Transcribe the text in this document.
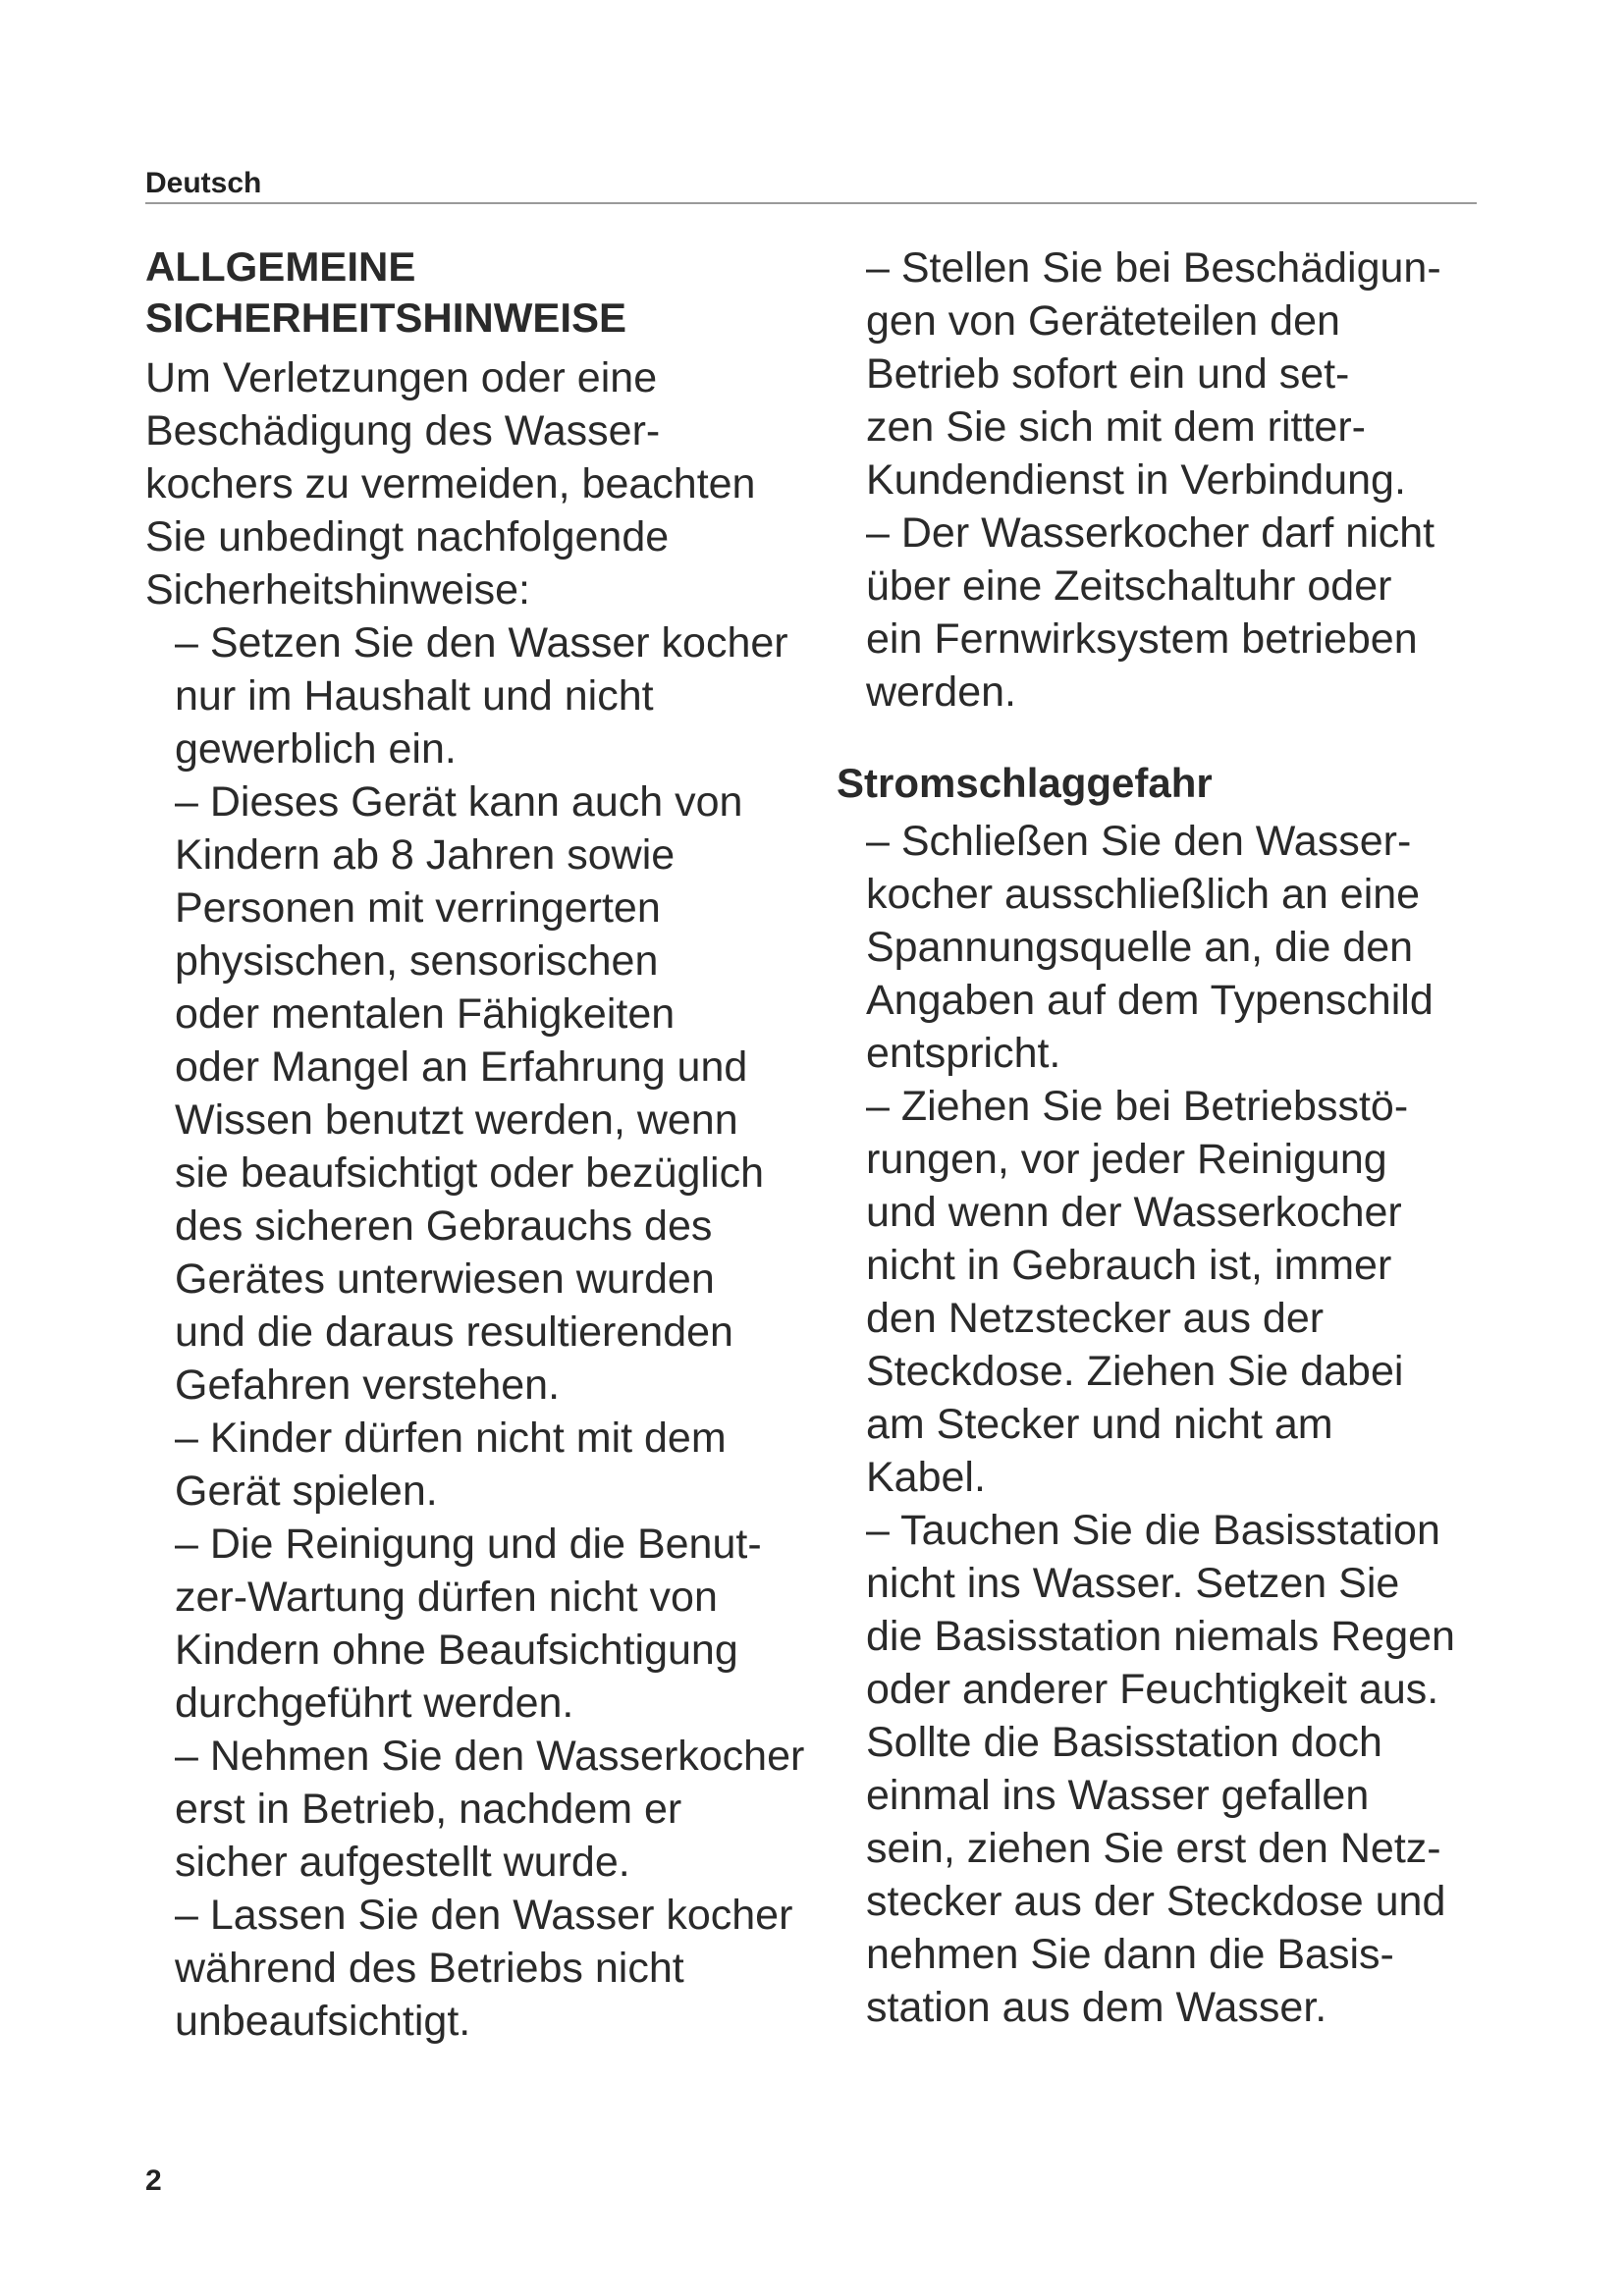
Deutsch
ALLGEMEINE
SICHERHEITSHINWEISE

Um Verletzungen oder eine
Beschädigung des Wasser-
kochers zu vermeiden, beachten
Sie unbedingt nachfolgende
Sicherheitshinweise:

– Setzen Sie den Wasser kocher
nur im Haushalt und nicht
gewerblich ein.

– Dieses Gerät kann auch von
Kindern ab 8 Jahren sowie
Personen mit verringerten
physischen, sensorischen
oder mentalen Fähigkeiten
oder Mangel an Erfahrung und
Wissen benutzt werden, wenn
sie beaufsichtigt oder bezüglich
des sicheren Gebrauchs des
Gerätes unterwiesen wurden
und die daraus resultierenden
Gefahren verstehen.

– Kinder dürfen nicht mit dem
Gerät spielen.

– Die Reinigung und die Benut-
zer-Wartung dürfen nicht von
Kindern ohne Beaufsichtigung
durchgeführt werden.

– Nehmen Sie den Wasserkocher
erst in Betrieb, nachdem er
sicher aufgestellt wurde.

– Lassen Sie den Wasser kocher
während des Betriebs nicht
unbeaufsichtigt.

– Stellen Sie bei Beschädigun-
gen von Geräteteilen den
Betrieb sofort ein und set-
zen Sie sich mit dem ritter-
Kundendienst in Verbindung.

– Der Wasserkocher darf nicht
über eine Zeitschaltuhr oder
ein Fernwirksystem betrieben
werden.

Stromschlaggefahr

– Schließen Sie den Wasser-
kocher ausschließlich an eine
Spannungsquelle an, die den
Angaben auf dem Typenschild
entspricht.

– Ziehen Sie bei Betriebsstö-
rungen, vor jeder Reinigung
und wenn der Wasserkocher
nicht in Gebrauch ist, immer
den Netzstecker aus der
Steckdose. Ziehen Sie dabei
am Stecker und nicht am
Kabel.

– Tauchen Sie die Basisstation
nicht ins Wasser. Setzen Sie
die Basisstation niemals Regen
oder anderer Feuchtigkeit aus.
Sollte die Basisstation doch
einmal ins Wasser gefallen
sein, ziehen Sie erst den Netz-
stecker aus der Steckdose und
nehmen Sie dann die Basis-
station aus dem Wasser.

2
